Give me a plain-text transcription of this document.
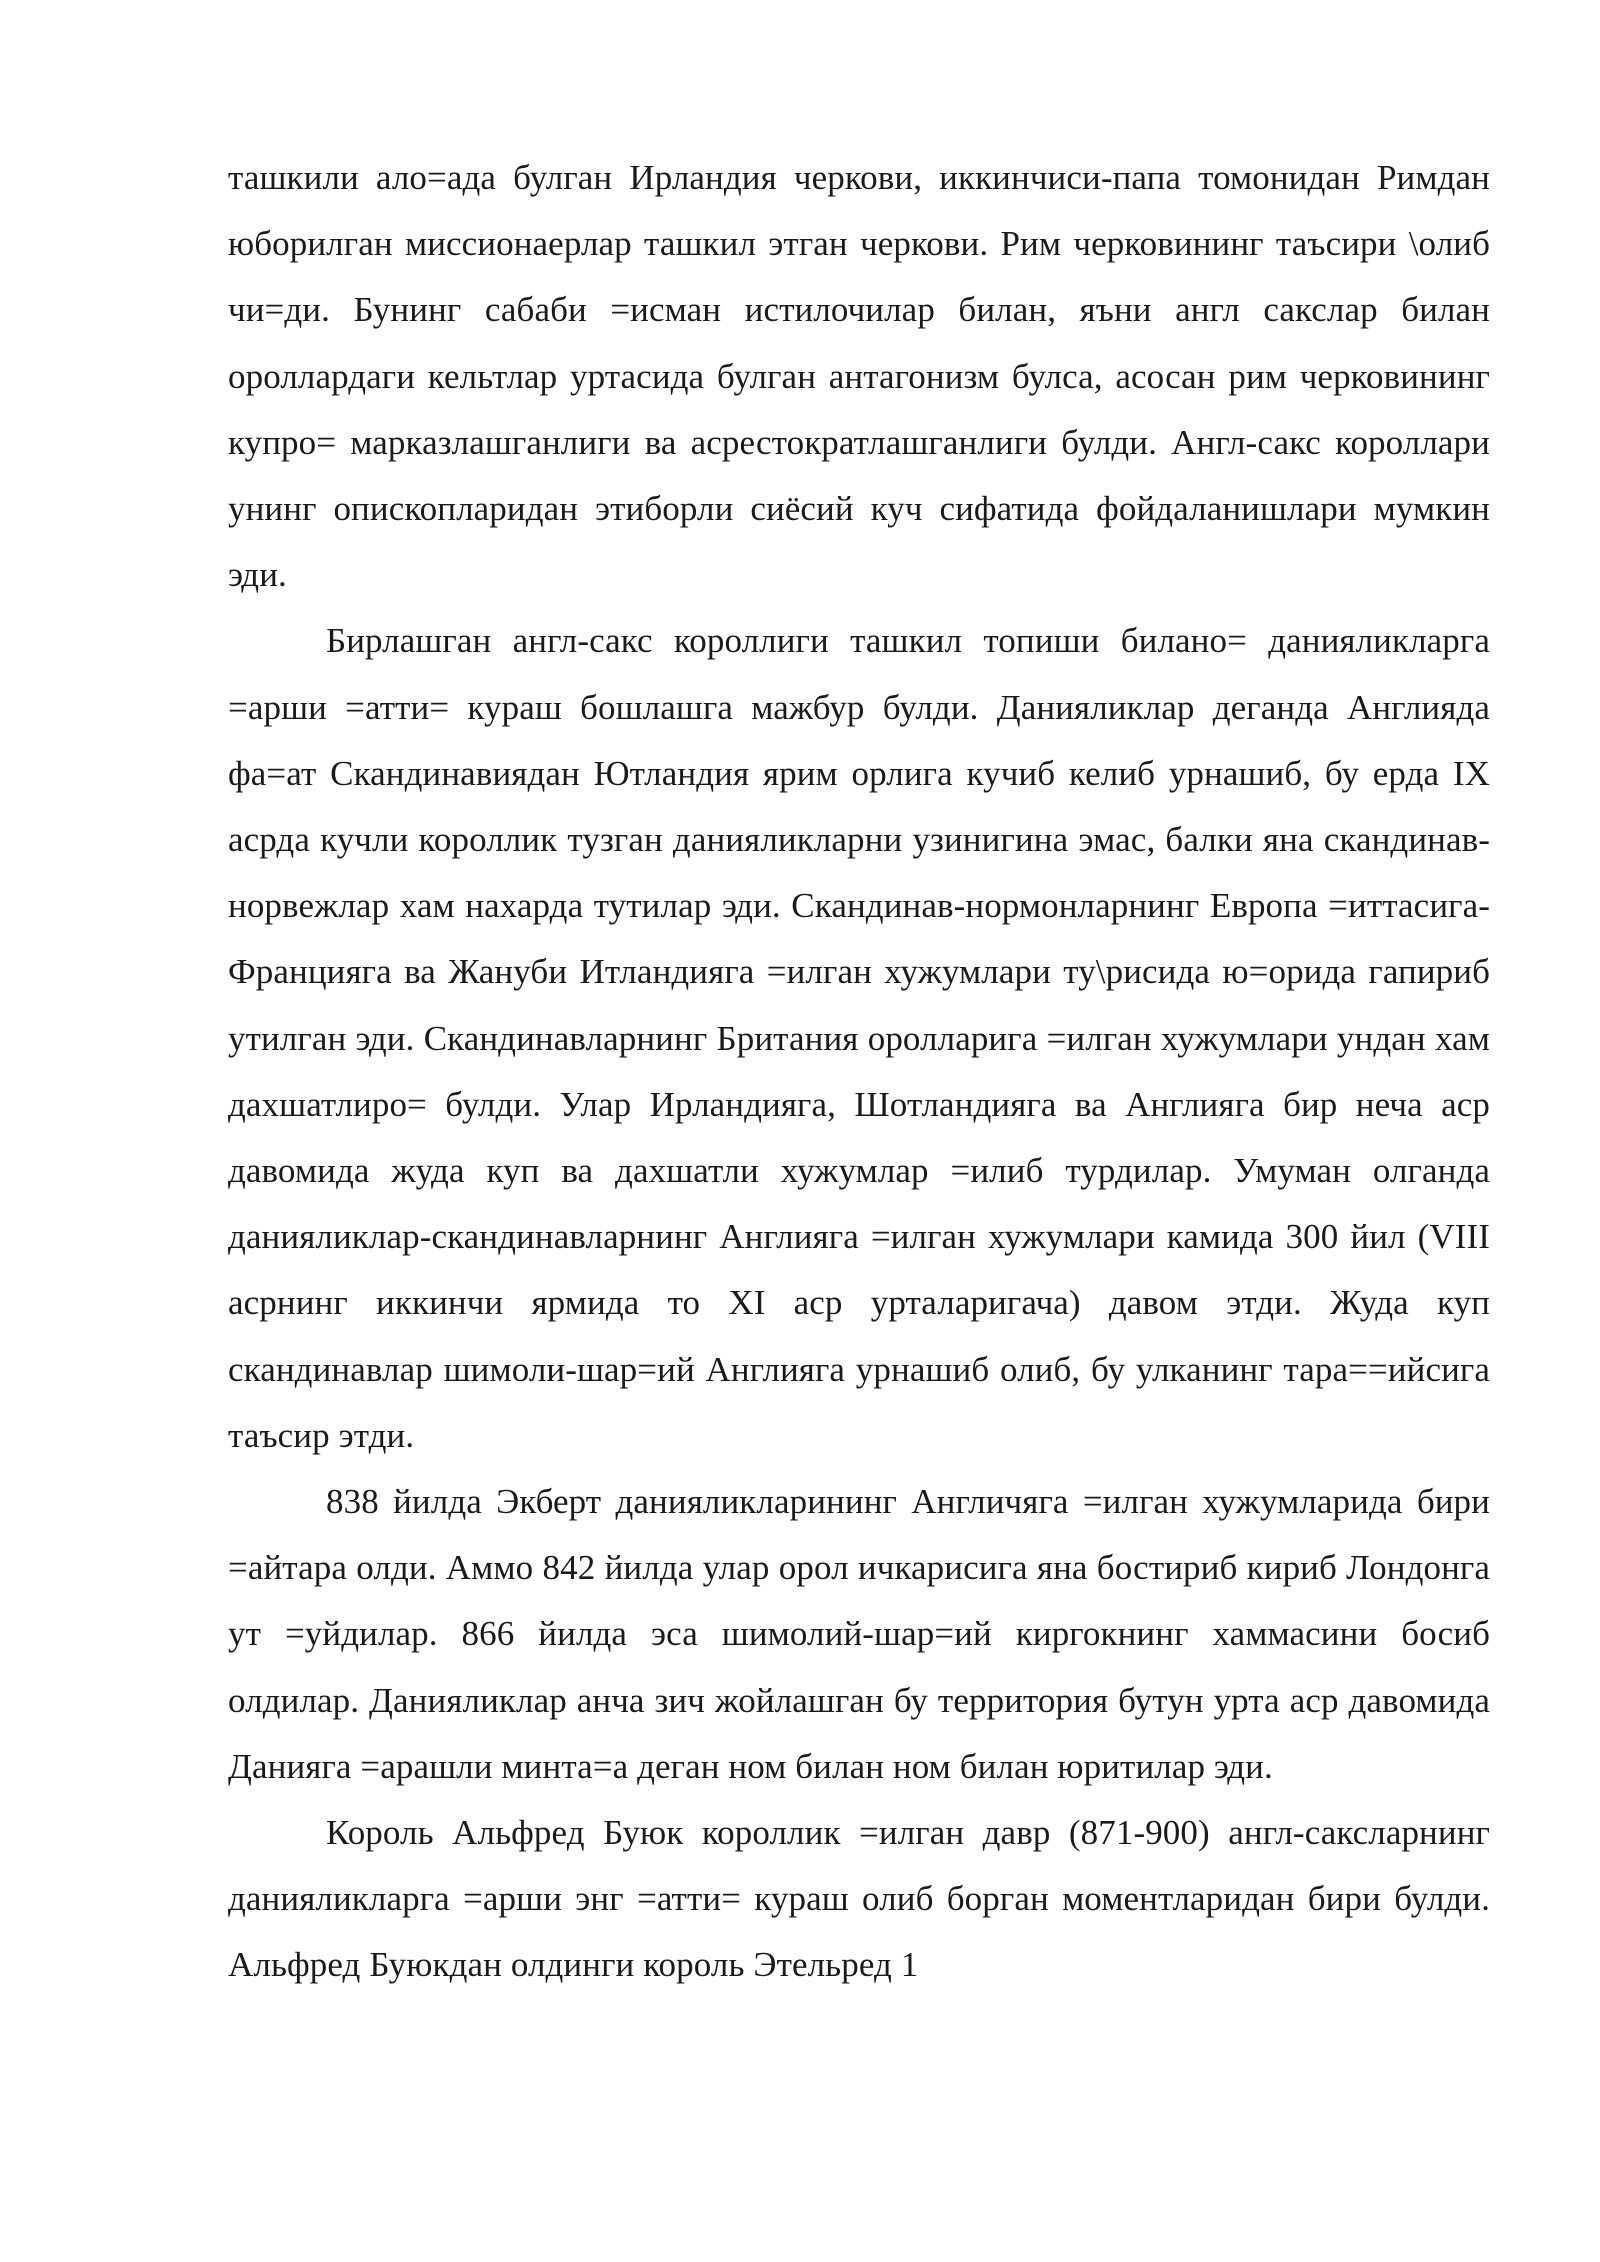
ташкили ало=ада булган Ирландия черкови, иккинчиси-папа томонидан Римдан юборилган миссионаерлар ташкил этган черкови. Рим черковининг таъсири \олиб чи=ди. Бунинг сабаби =исман истилочилар билан, яъни англ сакслар билан ороллардаги кельтлар уртасида булган антагонизм булса, асосан рим черковининг купро= марказлашганлиги ва асрестократлашганлиги булди. Англ-сакс короллари унинг опископларидан этиборли сиёсий куч сифатида фойдаланишлари мумкин эди.

Бирлашган англ-сакс короллиги ташкил топиши билано= данияликларга =арши =атти= кураш бошлашга мажбур булди. Данияликлар деганда Англияда фа=ат Скандинавиядан Ютландия ярим орлига кучиб келиб урнашиб, бу ерда IX асрда кучли короллик тузган данияликларни узинигина эмас, балки яна скандинав-норвежлар хам нахарда тутилар эди. Скандинав-нормонларнинг Европа =иттасига-Францияга ва Жануби Итландияга =илган хужумлари ту\рисида ю=орида гапириб утилган эди. Скандинавларнинг Британия оролларига =илган хужумлари ундан хам дахшатлиро= булди. Улар Ирландияга, Шотландияга ва Англияга бир неча аср давомида жуда куп ва дахшатли хужумлар =илиб турдилар. Умуман олганда данияликлар-скандинавларнинг Англияга =илган хужумлари камида 300 йил (VIII асрнинг иккинчи ярмида то XI аср урталаригача) давом этди. Жуда куп скандинавлар шимоли-шар=ий Англияга урнашиб олиб, бу улканинг тара==ийсига таъсир этди.

838 йилда Экберт данияликларининг Англичяга =илган хужумларида бири =айтара олди. Аммо 842 йилда улар орол ичкарисига яна бостириб кириб Лондонга ут =уйдилар. 866 йилда эса шимолий-шар=ий киргокнинг хаммасини босиб олдилар. Данияликлар анча зич жойлашган бу территория бутун урта аср давомида Данияга =арашли минта=а деган ном билан ном билан юритилар эди.

Король Альфред Буюк короллик =илган давр (871-900) англ-саксларнинг данияликларга =арши энг =атти= кураш олиб борган моментларидан бири булди. Альфред Буюкдан олдинги король Этельред 1
